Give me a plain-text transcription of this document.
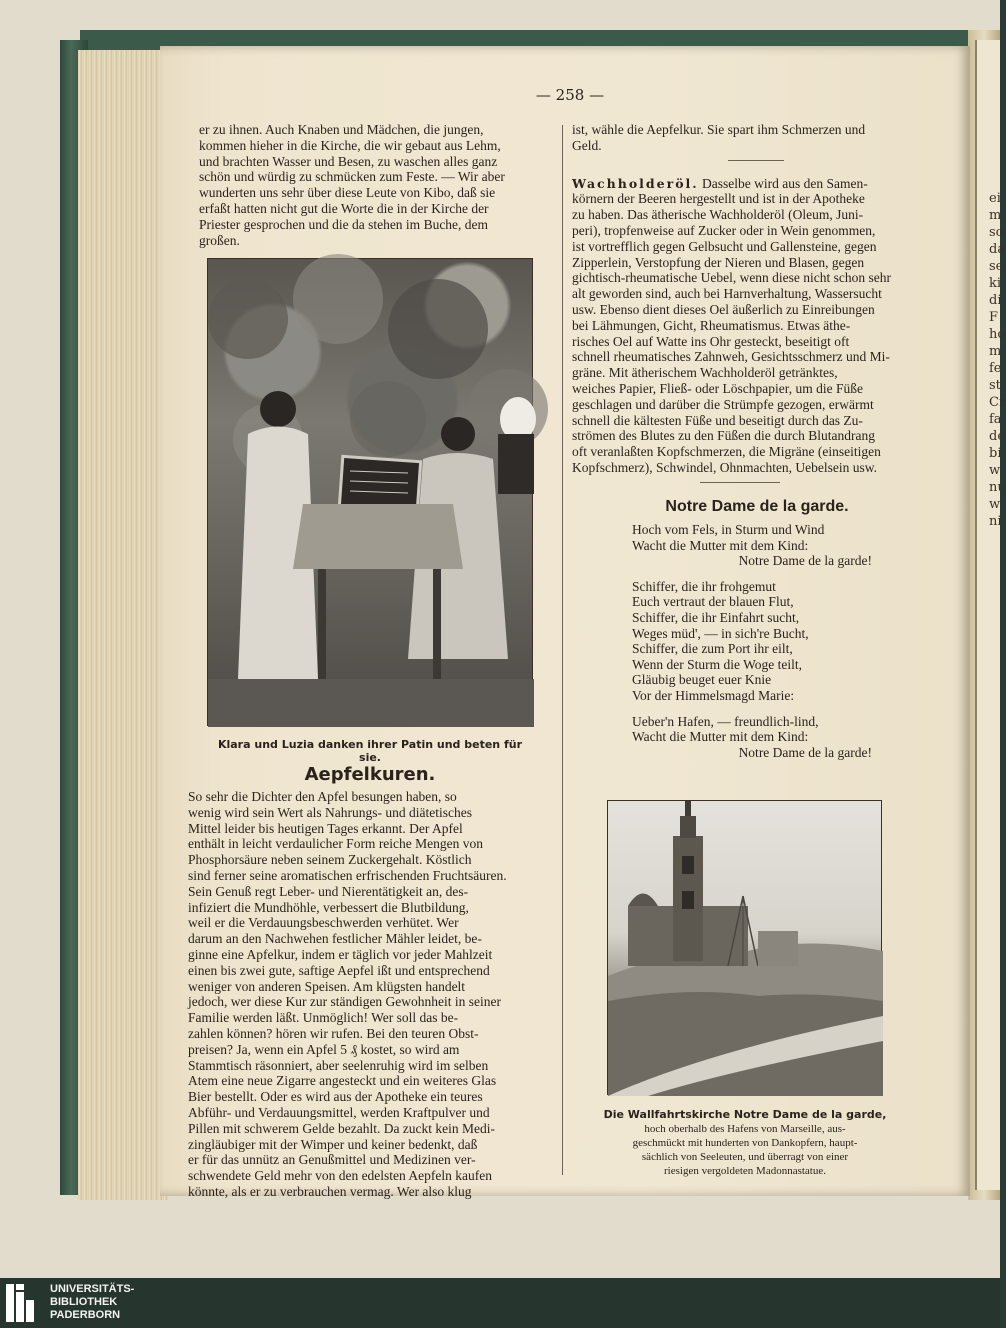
ei
m
so
da
se
ki
di
F
ho
m
fe
st
Cr
fa
de
bi
w
nu
w
ni
— 258 —
er zu ihnen. Auch Knaben und Mädchen, die jungen,
kommen hieher in die Kirche, die wir gebaut aus Lehm,
und brachten Wasser und Besen, zu waschen alles ganz
schön und würdig zu schmücken zum Feste. — Wir aber
wunderten uns sehr über diese Leute von Kibo, daß sie
erfaßt hatten nicht gut die Worte die in der Kirche der
Priester gesprochen und die da stehen im Buche, dem
großen.
Klara und Luzia danken ihrer Patin und beten für sie.
Aepfelkuren.
So sehr die Dichter den Apfel besungen haben, so
wenig wird sein Wert als Nahrungs- und diätetisches
Mittel leider bis heutigen Tages erkannt. Der Apfel
enthält in leicht verdaulicher Form reiche Mengen von
Phosphorsäure neben seinem Zuckergehalt. Köstlich
sind ferner seine aromatischen erfrischenden Fruchtsäuren.
Sein Genuß regt Leber- und Nierentätigkeit an, des-
infiziert die Mundhöhle, verbessert die Blutbildung,
weil er die Verdauungsbeschwerden verhütet. Wer
darum an den Nachwehen festlicher Mähler leidet, be-
ginne eine Apfelkur, indem er täglich vor jeder Mahlzeit
einen bis zwei gute, saftige Aepfel ißt und entsprechend
weniger von anderen Speisen. Am klügsten handelt
jedoch, wer diese Kur zur ständigen Gewohnheit in seiner
Familie werden läßt. Unmöglich! Wer soll das be-
zahlen können? hören wir rufen. Bei den teuren Obst-
preisen? Ja, wenn ein Apfel 5 ₰ kostet, so wird am
Stammtisch räsonniert, aber seelenruhig wird im selben
Atem eine neue Zigarre angesteckt und ein weiteres Glas
Bier bestellt. Oder es wird aus der Apotheke ein teures
Abführ- und Verdauungsmittel, werden Kraftpulver und
Pillen mit schwerem Gelde bezahlt. Da zuckt kein Medi-
zingläubiger mit der Wimper und keiner bedenkt, daß
er für das unnütz an Genußmittel und Medizinen ver-
schwendete Geld mehr von den edelsten Aepfeln kaufen
könnte, als er zu verbrauchen vermag. Wer also klug
ist, wähle die Aepfelkur. Sie spart ihm Schmerzen und
Geld.
Wachholderöl. Dasselbe wird aus den Samen-
körnern der Beeren hergestellt und ist in der Apotheke
zu haben. Das ätherische Wachholderöl (Oleum, Juni-
peri), tropfenweise auf Zucker oder in Wein genommen,
ist vortrefflich gegen Gelbsucht und Gallensteine, gegen
Zipperlein, Verstopfung der Nieren und Blasen, gegen
gichtisch-rheumatische Uebel, wenn diese nicht schon sehr
alt geworden sind, auch bei Harnverhaltung, Wassersucht
usw. Ebenso dient dieses Oel äußerlich zu Einreibungen
bei Lähmungen, Gicht, Rheumatismus. Etwas äthe-
risches Oel auf Watte ins Ohr gesteckt, beseitigt oft
schnell rheumatisches Zahnweh, Gesichtsschmerz und Mi-
gräne. Mit ätherischem Wachholderöl getränktes,
weiches Papier, Fließ- oder Löschpapier, um die Füße
geschlagen und darüber die Strümpfe gezogen, erwärmt
schnell die kältesten Füße und beseitigt durch das Zu-
strömen des Blutes zu den Füßen die durch Blutandrang
oft veranlaßten Kopfschmerzen, die Migräne (einseitigen
Kopfschmerz), Schwindel, Ohnmachten, Uebelsein usw.
Notre Dame de la garde.
Hoch vom Fels, in Sturm und Wind
Wacht die Mutter mit dem Kind:
Notre Dame de la garde!
Schiffer, die ihr frohgemut
Euch vertraut der blauen Flut,
Schiffer, die ihr Einfahrt sucht,
Weges müd', — in sich're Bucht,
Schiffer, die zum Port ihr eilt,
Wenn der Sturm die Woge teilt,
Gläubig beuget euer Knie
Vor der Himmelsmagd Marie:
Ueber'n Hafen, — freundlich-lind,
Wacht die Mutter mit dem Kind:
Notre Dame de la garde!
Die Wallfahrtskirche Notre Dame de la garde,
hoch oberhalb des Hafens von Marseille, aus-
geschmückt mit hunderten von Dankopfern, haupt-
sächlich von Seeleuten, und überragt von einer
riesigen vergoldeten Madonnastatue.
UNIVERSITÄTS-
BIBLIOTHEK
PADERBORN
